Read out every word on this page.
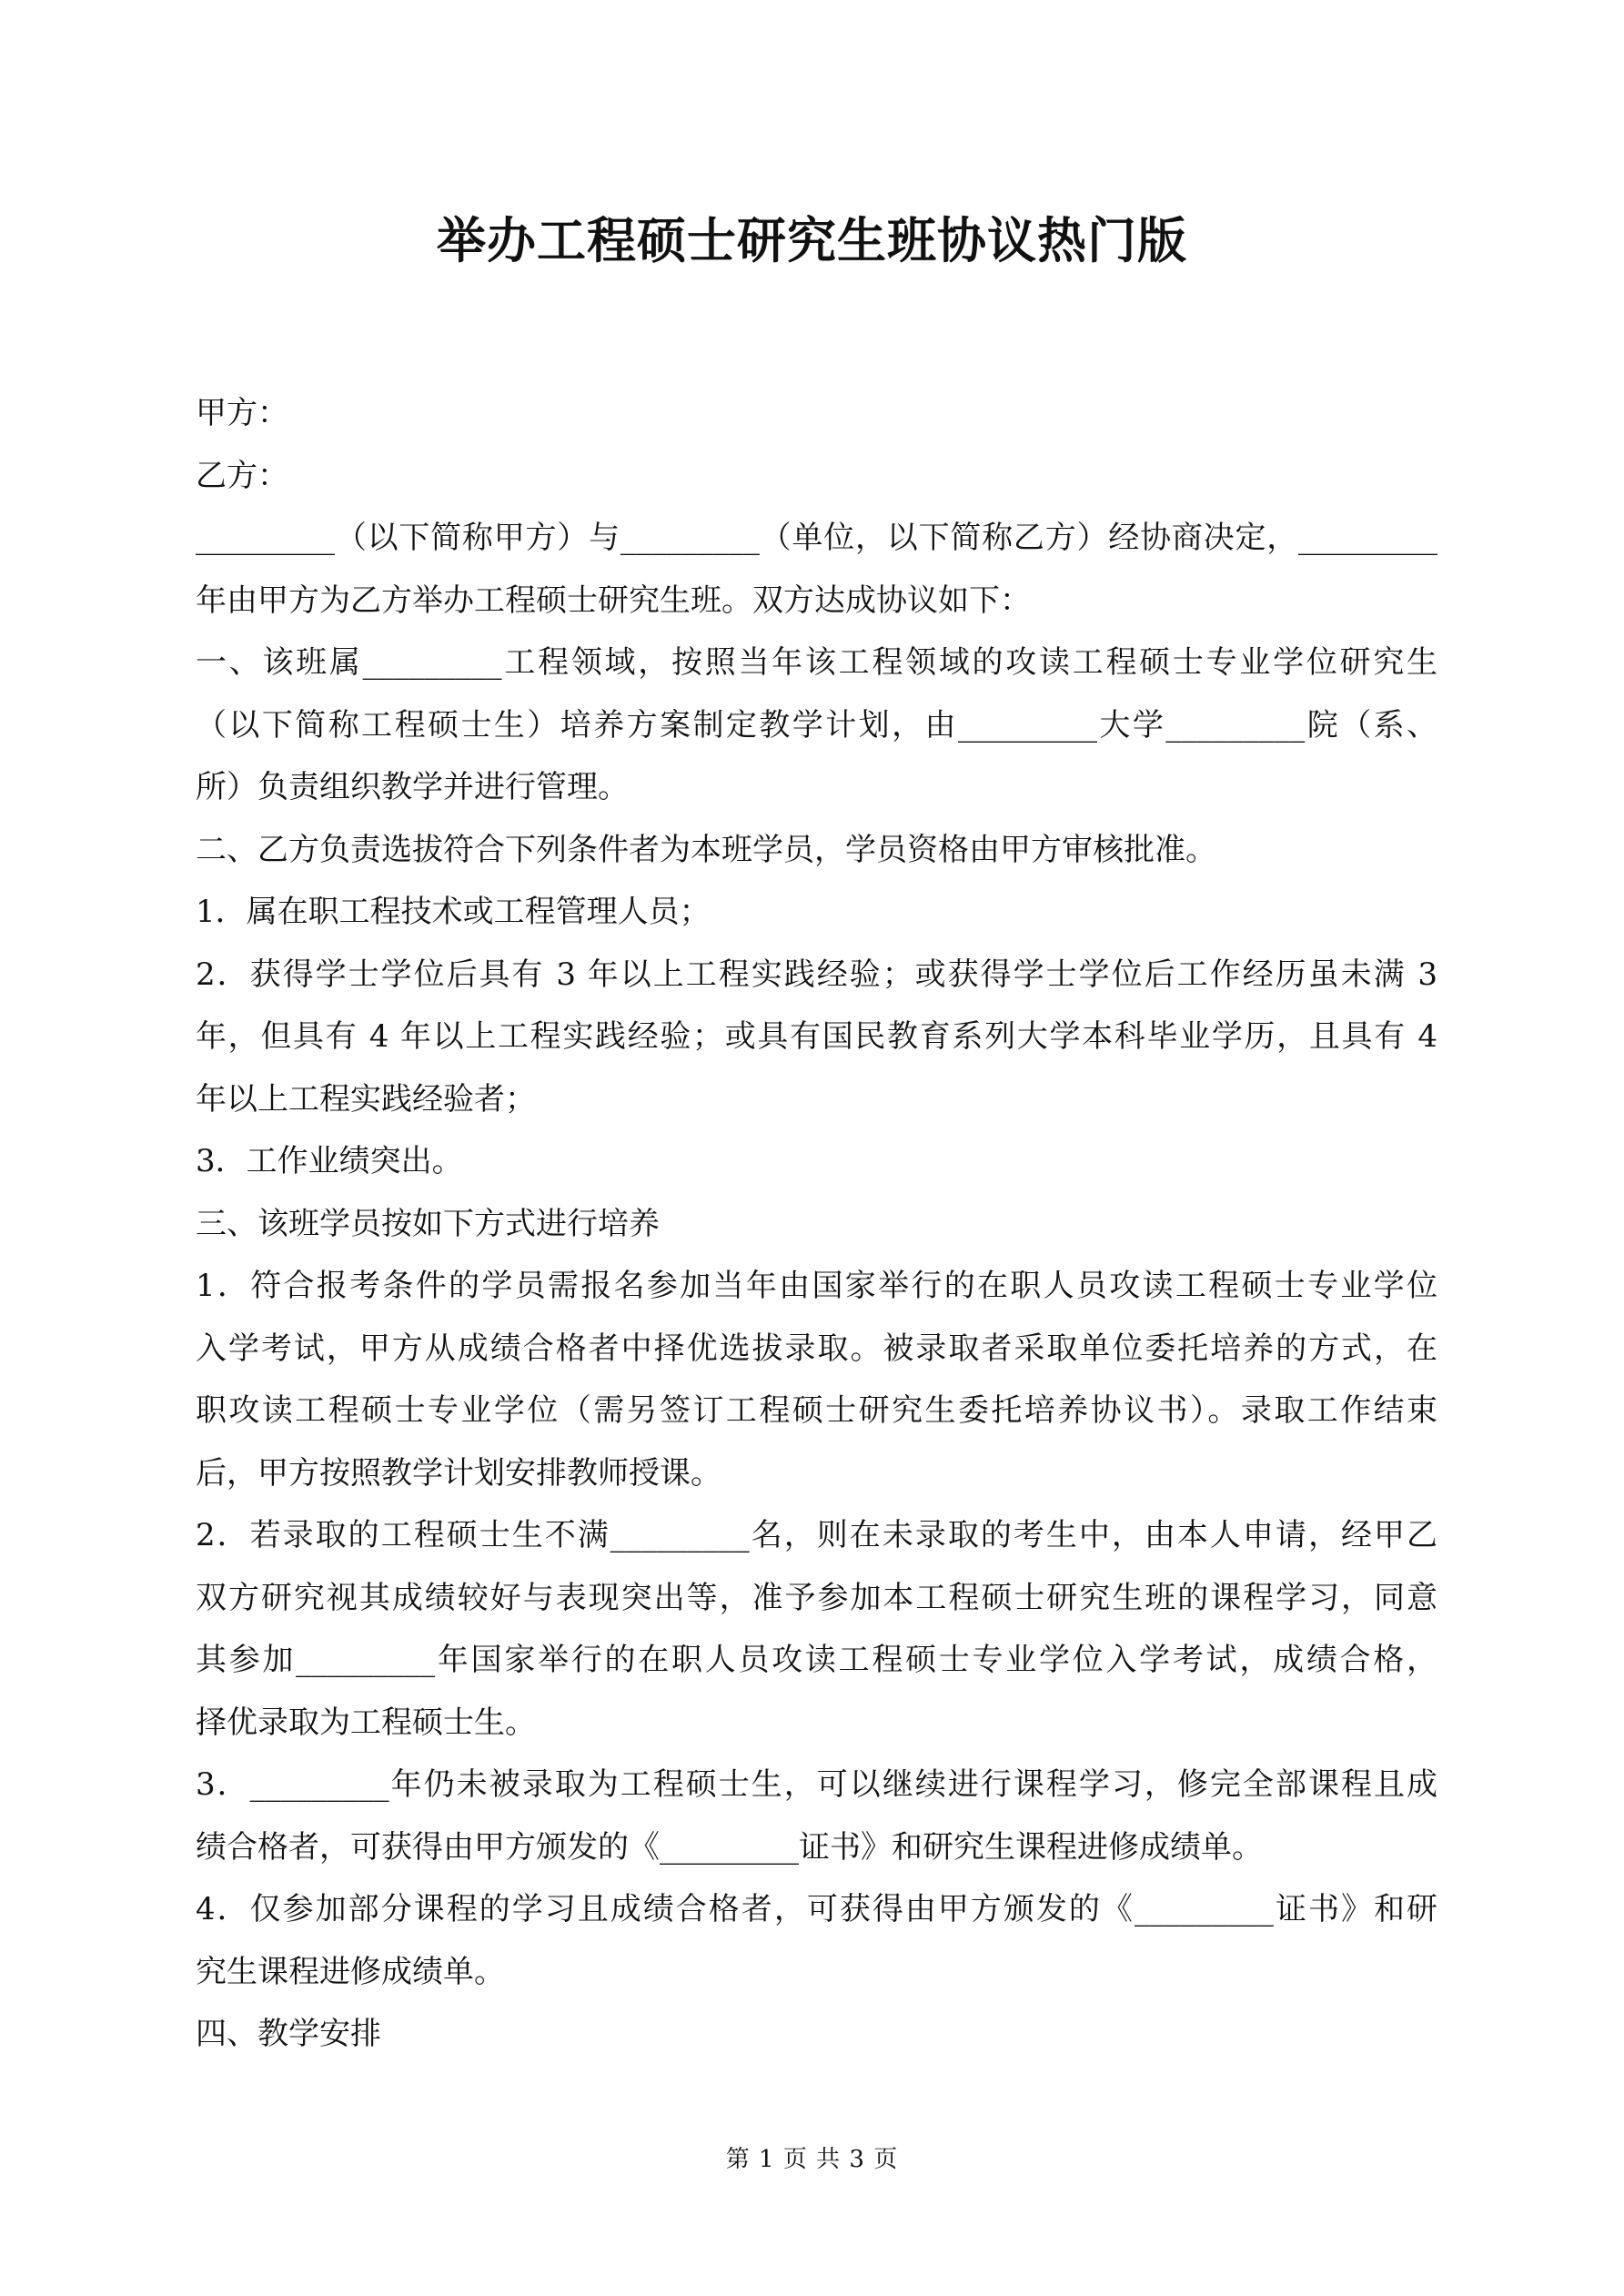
举办工程硕士研究生班协议热门版
甲方：
乙方：
_________（以下简称甲方）与_________（单位，以下简称乙方）经协商决定，_________
年由甲方为乙方举办工程硕士研究生班。双方达成协议如下：
一、该班属_________工程领域，按照当年该工程领域的攻读工程硕士专业学位研究生
（以下简称工程硕士生）培养方案制定教学计划，由_________大学_________院（系、
所）负责组织教学并进行管理。
二、乙方负责选拔符合下列条件者为本班学员，学员资格由甲方审核批准。
1．属在职工程技术或工程管理人员；
2．获得学士学位后具有 3 年以上工程实践经验；或获得学士学位后工作经历虽未满 3
年，但具有 4 年以上工程实践经验；或具有国民教育系列大学本科毕业学历，且具有 4
年以上工程实践经验者；
3．工作业绩突出。
三、该班学员按如下方式进行培养
1．符合报考条件的学员需报名参加当年由国家举行的在职人员攻读工程硕士专业学位
入学考试，甲方从成绩合格者中择优选拔录取。被录取者采取单位委托培养的方式，在
职攻读工程硕士专业学位（需另签订工程硕士研究生委托培养协议书）。录取工作结束
后，甲方按照教学计划安排教师授课。
2．若录取的工程硕士生不满_________名，则在未录取的考生中，由本人申请，经甲乙
双方研究视其成绩较好与表现突出等，准予参加本工程硕士研究生班的课程学习，同意
其参加_________年国家举行的在职人员攻读工程硕士专业学位入学考试，成绩合格，
择优录取为工程硕士生。
3．_________年仍未被录取为工程硕士生，可以继续进行课程学习，修完全部课程且成
绩合格者，可获得由甲方颁发的《_________证书》和研究生课程进修成绩单。
4．仅参加部分课程的学习且成绩合格者，可获得由甲方颁发的《_________证书》和研
究生课程进修成绩单。
四、教学安排
第 1 页 共 3 页
